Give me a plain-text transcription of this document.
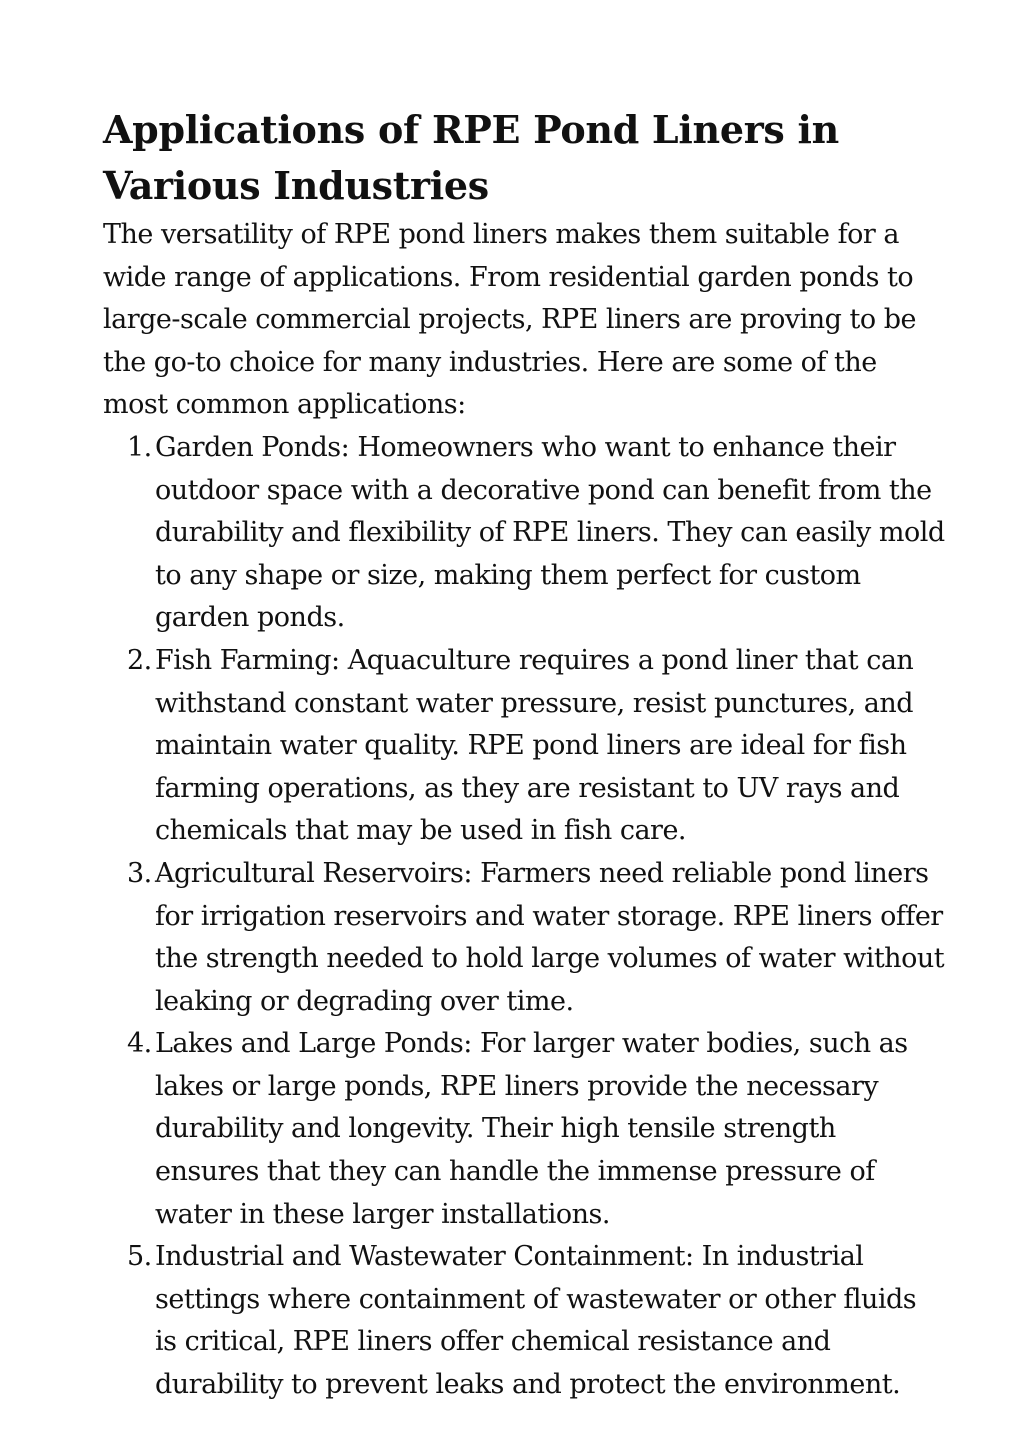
Applications of RPE Pond Liners in Various Industries

The versatility of RPE pond liners makes them suitable for a wide range of applications. From residential garden ponds to large-scale commercial projects, RPE liners are proving to be the go-to choice for many industries. Here are some of the most common applications:

1. Garden Ponds: Homeowners who want to enhance their outdoor space with a decorative pond can benefit from the durability and flexibility of RPE liners. They can easily mold to any shape or size, making them perfect for custom garden ponds.
2. Fish Farming: Aquaculture requires a pond liner that can withstand constant water pressure, resist punctures, and maintain water quality. RPE pond liners are ideal for fish farming operations, as they are resistant to UV rays and chemicals that may be used in fish care.
3. Agricultural Reservoirs: Farmers need reliable pond liners for irrigation reservoirs and water storage. RPE liners offer the strength needed to hold large volumes of water without leaking or degrading over time.
4. Lakes and Large Ponds: For larger water bodies, such as lakes or large ponds, RPE liners provide the necessary durability and longevity. Their high tensile strength ensures that they can handle the immense pressure of water in these larger installations.
5. Industrial and Wastewater Containment: In industrial settings where containment of wastewater or other fluids is critical, RPE liners offer chemical resistance and durability to prevent leaks and protect the environment.
